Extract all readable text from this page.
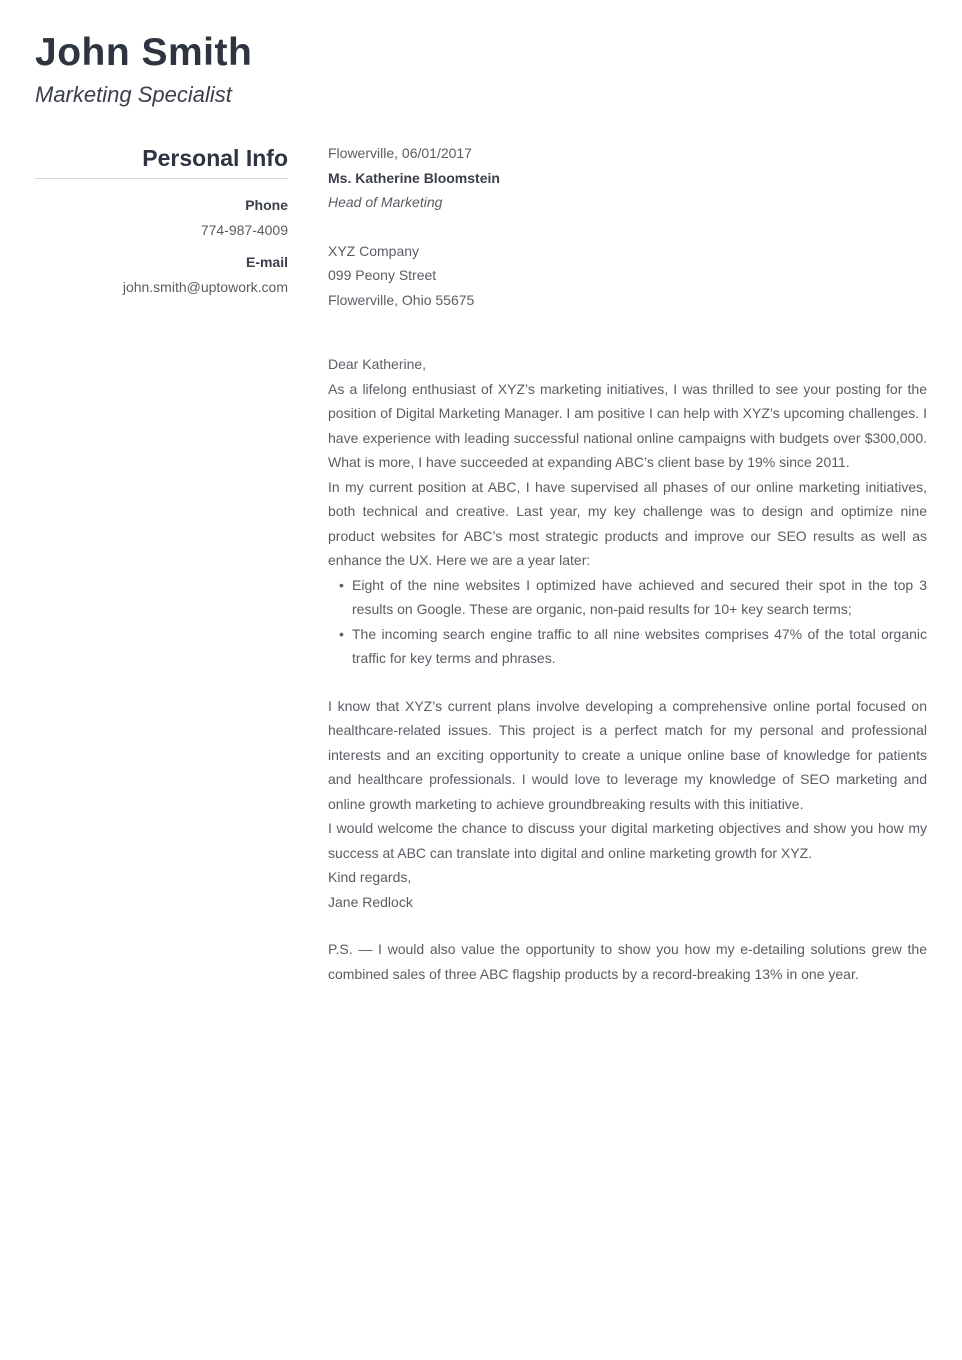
John Smith
Marketing Specialist
Personal Info
Phone
774-987-4009
E-mail
john.smith@uptowork.com

Flowerville, 06/01/2017

Ms. Katherine Bloomstein

Head of Marketing

XYZ Company

099 Peony Street

Flowerville, Ohio 55675

Dear Katherine,

As a lifelong enthusiast of XYZ’s marketing initiatives, I was thrilled to see your posting for the position of Digital Marketing Manager. I am positive I can help with XYZ’s upcoming challenges. I have experience with leading successful national online campaigns with budgets over $300,000. What is more, I have succeeded at expanding ABC’s client base by 19% since 2011.

In my current position at ABC, I have supervised all phases of our online marketing initiatives, both technical and creative. Last year, my key challenge was to design and optimize nine product websites for ABC’s most strategic products and improve our SEO results as well as enhance the UX. Here we are a year later:

• Eight of the nine websites I optimized have achieved and secured their spot in the top 3 results on Google. These are organic, non-paid results for 10+ key search terms;
• The incoming search engine traffic to all nine websites comprises 47% of the total organic traffic for key terms and phrases.

I know that XYZ’s current plans involve developing a comprehensive online portal focused on healthcare-related issues. This project is a perfect match for my personal and professional interests and an exciting opportunity to create a unique online base of knowledge for patients and healthcare professionals. I would love to leverage my knowledge of SEO marketing and online growth marketing to achieve groundbreaking results with this initiative.

I would welcome the chance to discuss your digital marketing objectives and show you how my success at ABC can translate into digital and online marketing growth for XYZ.

Kind regards,

Jane Redlock

P.S. — I would also value the opportunity to show you how my e-detailing solutions grew the combined sales of three ABC flagship products by a record-breaking 13% in one year.
